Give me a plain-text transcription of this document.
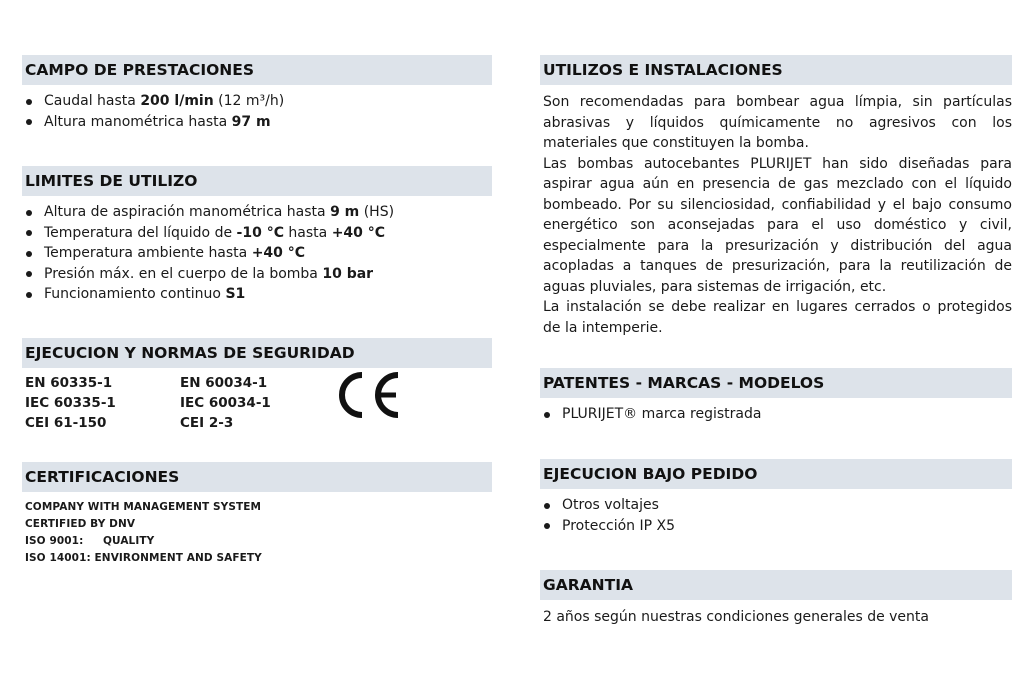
CAMPO DE PRESTACIONES
Caudal hasta 200 l/min (12 m³/h)
Altura manométrica hasta 97 m
LIMITES DE UTILIZO
Altura de aspiración manométrica hasta 9 m (HS)
Temperatura del líquido de -10 °C hasta +40 °C
Temperatura ambiente hasta +40 °C
Presión máx. en el cuerpo de la bomba 10 bar
Funcionamiento continuo S1
EJECUCION Y NORMAS DE SEGURIDAD
EN 60335-1
IEC 60335-1
CEI 61-150
EN 60034-1
IEC 60034-1
CEI 2-3
CERTIFICACIONES
COMPANY WITH MANAGEMENT SYSTEM
CERTIFIED BY DNV
ISO 9001: QUALITY
ISO 14001: ENVIRONMENT AND SAFETY
UTILIZOS E INSTALACIONES

Son recomendadas para bombear agua límpia, sin partículas abrasivas y líquidos químicamente no agresivos con los materiales que constituyen la bomba.

Las bombas autocebantes PLURIJET han sido diseñadas para aspirar agua aún en presencia de gas mezclado con el líquido bombeado. Por su silenciosidad, confiabilidad y el bajo consumo energético son aconsejadas para el uso doméstico y civil, especialmente para la presurización y distribución del agua acopladas a tanques de presurización, para la reutilización de aguas pluviales, para sistemas de irrigación, etc.

La instalación se debe realizar en lugares cerrados o protegidos de la intemperie.

PATENTES - MARCAS - MODELOS
PLURIJET® marca registrada
EJECUCION BAJO PEDIDO
Otros voltajes
Protección IP X5
GARANTIA
2 años según nuestras condiciones generales de venta
